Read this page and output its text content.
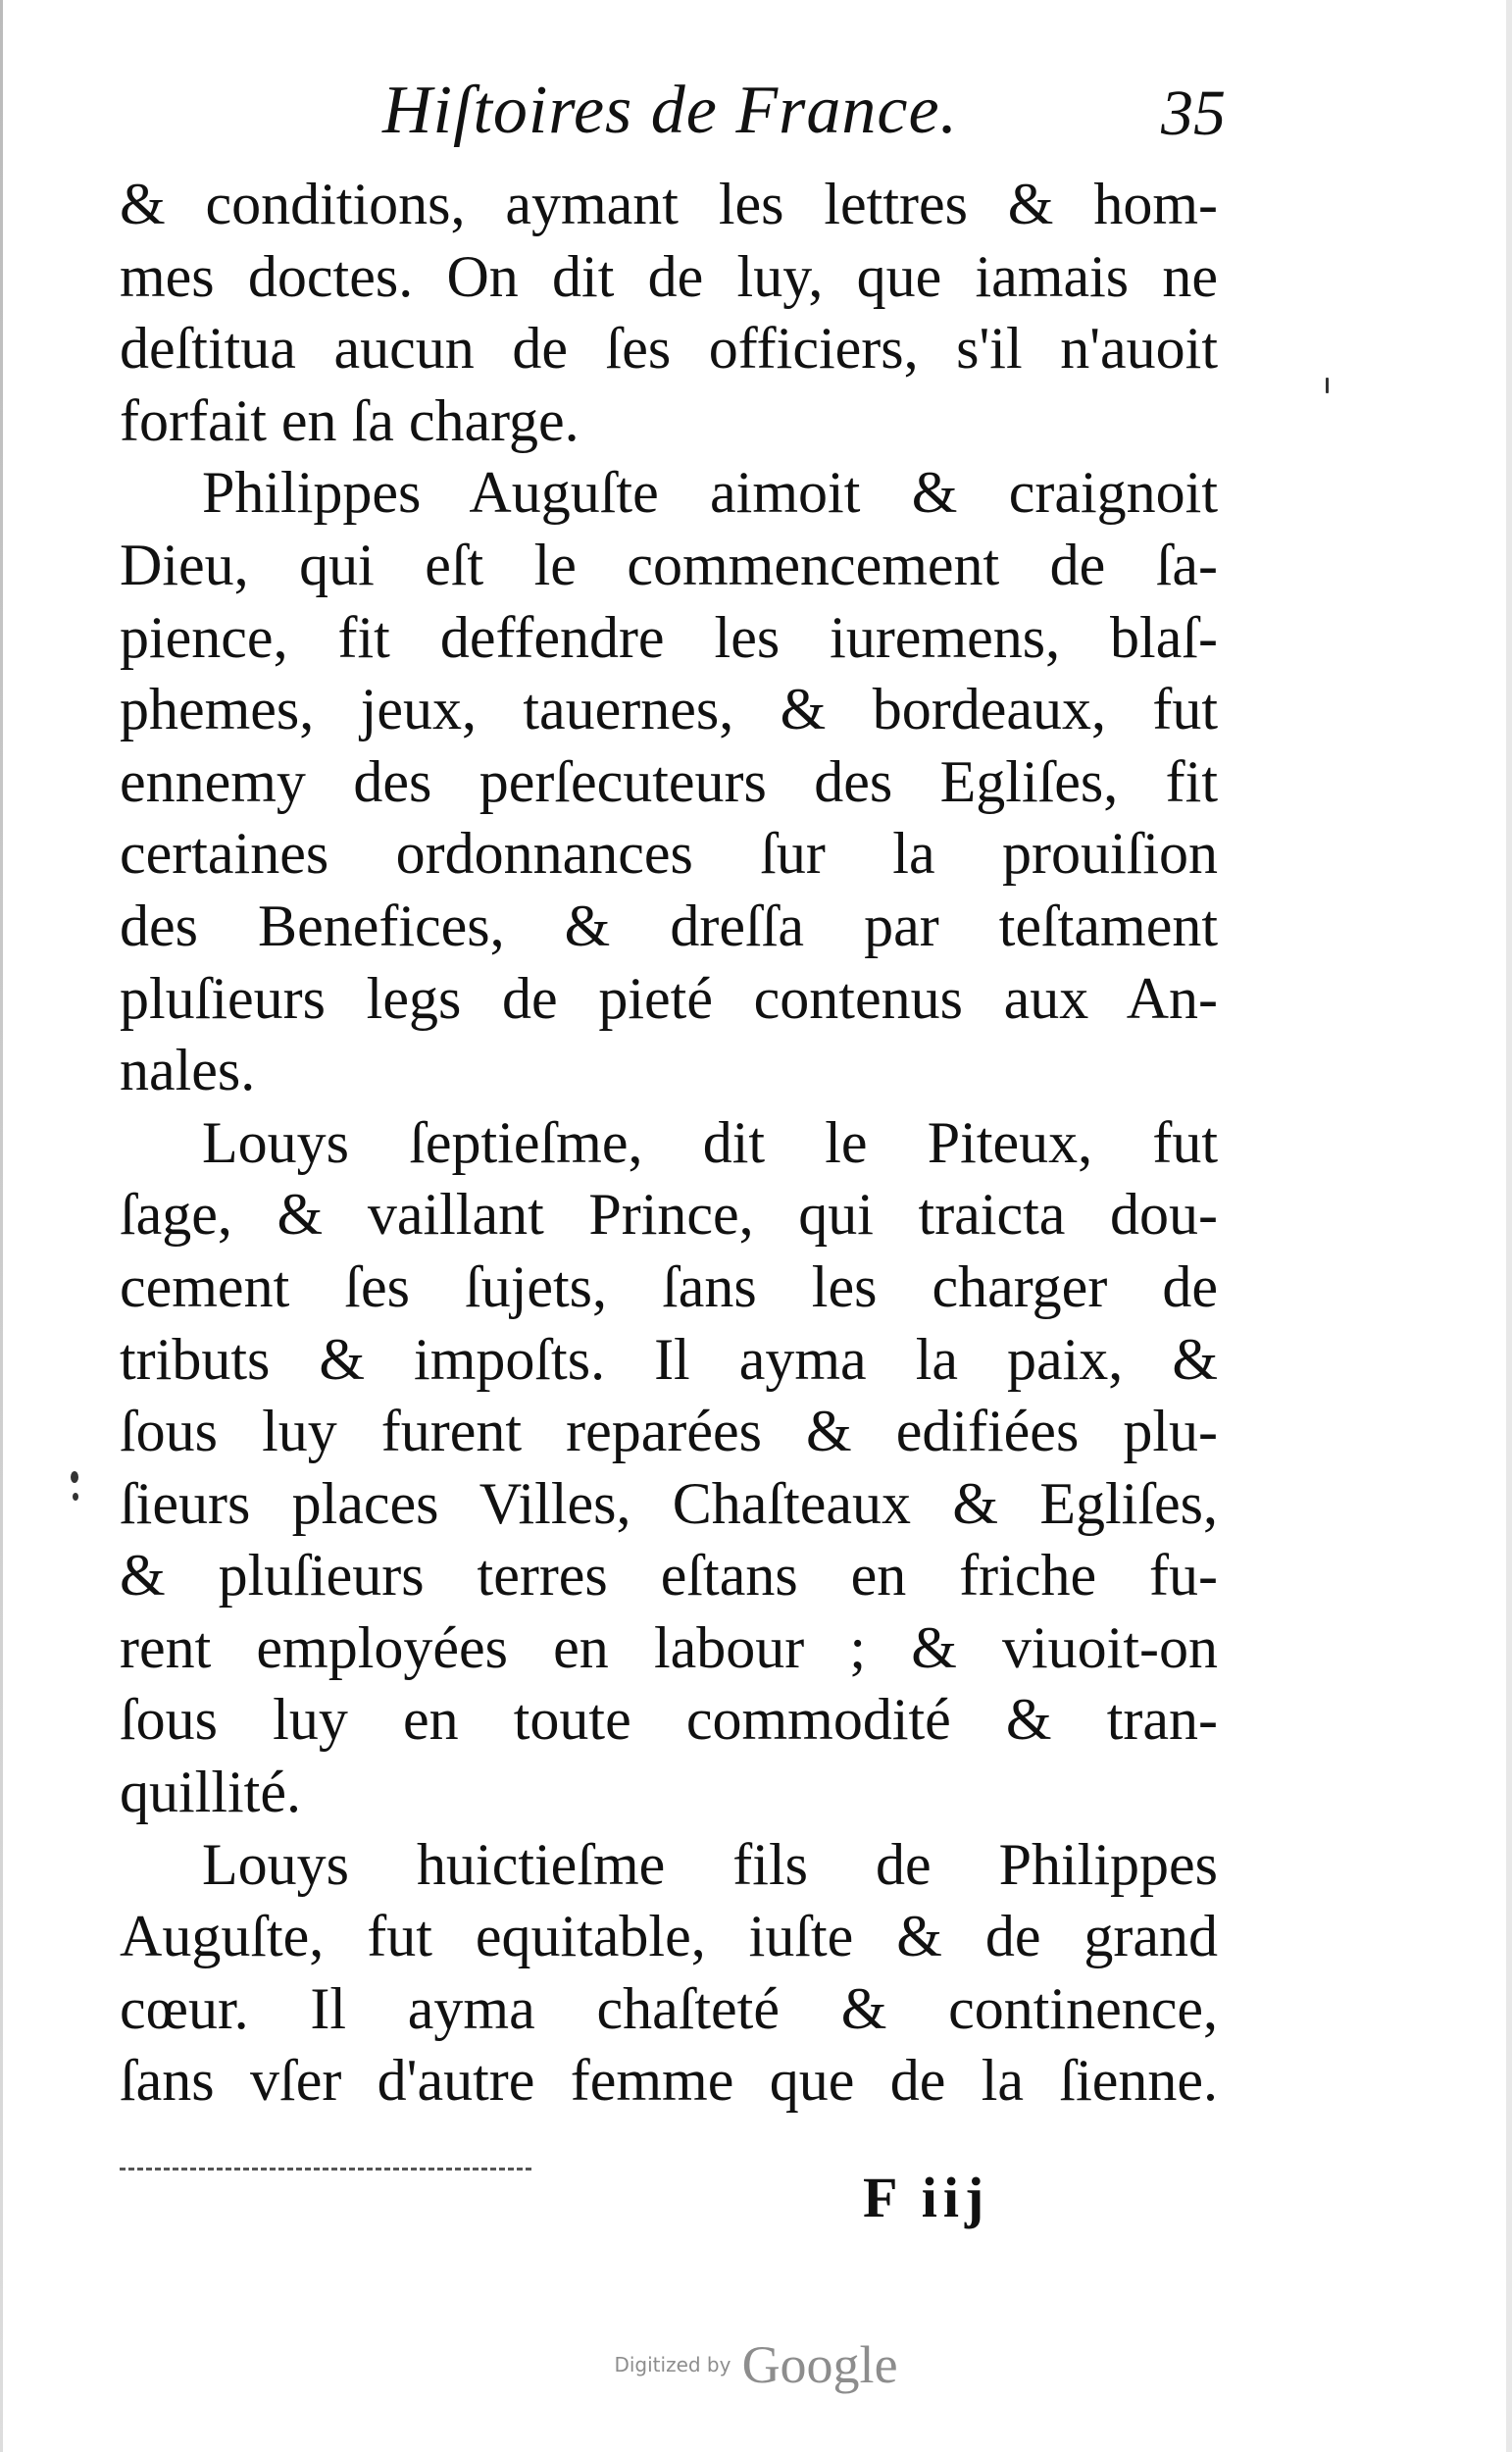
Hiſtoires de France.	35
& conditions, aymant les lettres & hom-
mes doctes. On dit de luy, que iamais ne
deſtitua aucun de ſes officiers, s'il n'auoit
forfait en ſa charge.
Philippes Auguſte aimoit & craignoit
Dieu, qui eſt le commencement de ſa-
pience, fit deffendre les iuremens, blaſ-
phemes, jeux, tauernes, & bordeaux, fut
ennemy des perſecuteurs des Egliſes, fit
certaines ordonnances ſur la prouiſion
des Benefices, & dreſſa par teſtament
pluſieurs legs de pieté contenus aux An-
nales.
Louys ſeptieſme, dit le Piteux, fut
ſage, & vaillant Prince, qui traicta dou-
cement ſes ſujets, ſans les charger de
tributs & impoſts. Il ayma la paix, &
ſous luy furent reparées & edifiées plu-
ſieurs places Villes, Chaſteaux & Egliſes,
& pluſieurs terres eſtans en friche fu-
rent employées en labour ; & viuoit-on
ſous luy en toute commodité & tran-
quillité.
Louys huictieſme fils de Philippes
Auguſte, fut equitable, iuſte & de grand
cœur. Il ayma chaſteté & continence,
ſans vſer d'autre femme que de la ſienne.
F iij
Digitized by Google
